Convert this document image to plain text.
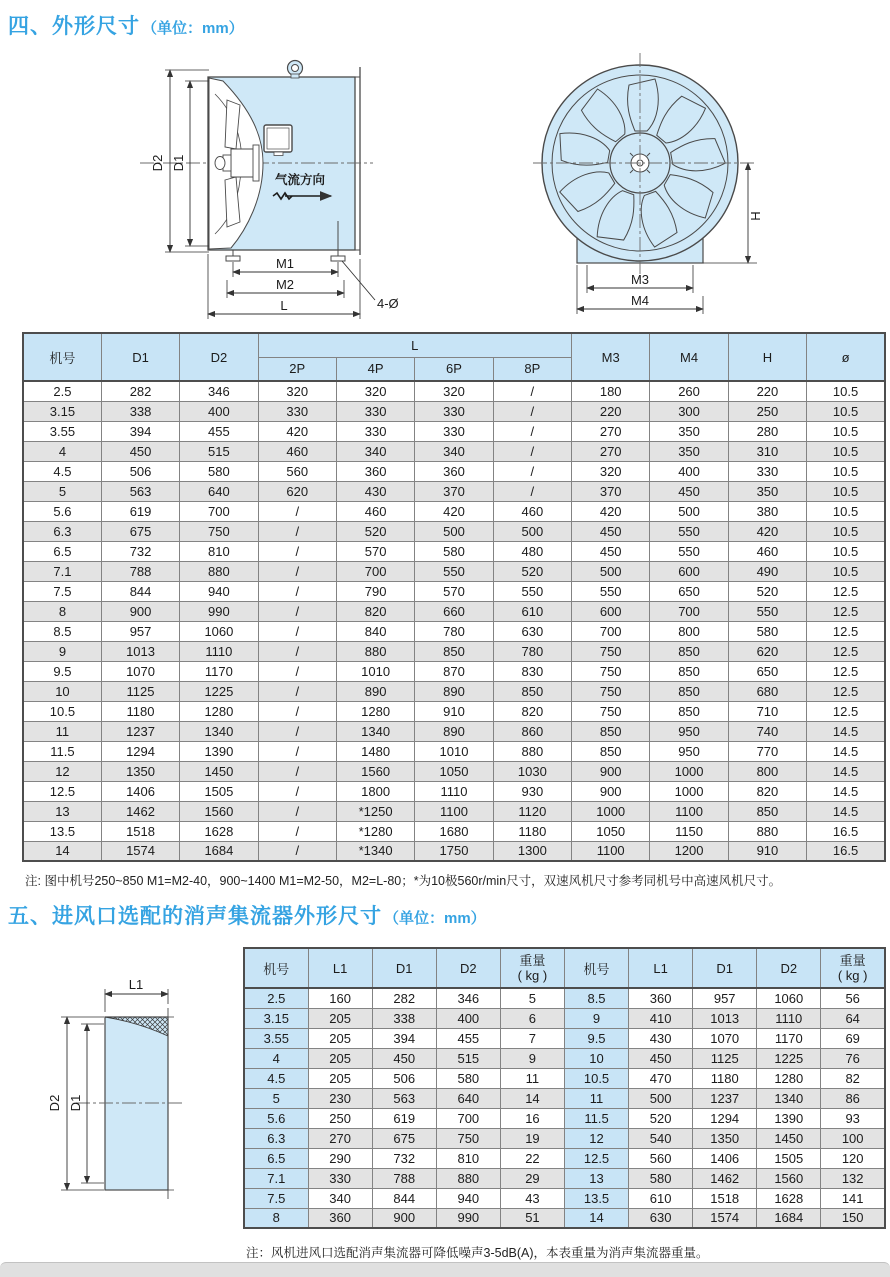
四、外形尺寸 （单位：mm）
气流方向
D2 D1
M1
M2
L	4-Ø
H
M3
M4
机号	D1	D2	L				M3	M4	H	ø
			2P	4P	6P	8P				
2.5	282	346	320	320	320	/	180	260	220	10.5
3.15	338	400	330	330	330	/	220	300	250	10.5
3.55	394	455	420	330	330	/	270	350	280	10.5
4	450	515	460	340	340	/	270	350	310	10.5
4.5	506	580	560	360	360	/	320	400	330	10.5
5	563	640	620	430	370	/	370	450	350	10.5
5.6	619	700	/	460	420	460	420	500	380	10.5
6.3	675	750	/	520	500	500	450	550	420	10.5
6.5	732	810	/	570	580	480	450	550	460	10.5
7.1	788	880	/	700	550	520	500	600	490	10.5
7.5	844	940	/	790	570	550	550	650	520	12.5
8	900	990	/	820	660	610	600	700	550	12.5
8.5	957	1060	/	840	780	630	700	800	580	12.5
9	1013	1110	/	880	850	780	750	850	620	12.5
9.5	1070	1170	/	1010	870	830	750	850	650	12.5
10	1125	1225	/	890	890	850	750	850	680	12.5
10.5	1180	1280	/	1280	910	820	750	850	710	12.5
11	1237	1340	/	1340	890	860	850	950	740	14.5
11.5	1294	1390	/	1480	1010	880	850	950	770	14.5
12	1350	1450	/	1560	1050	1030	900	1000	800	14.5
12.5	1406	1505	/	1800	1110	930	900	1000	820	14.5
13	1462	1560	/	*1250	1100	1120	1000	1100	850	14.5
13.5	1518	1628	/	*1280	1680	1180	1050	1150	880	16.5
14	1574	1684	/	*1340	1750	1300	1100	1200	910	16.5
注: 图中机号250~850 M1=M2-40，900~1400 M1=M2-50，M2=L-80；*为10极560r/min尺寸，双速风机尺寸参考同机号中高速风机尺寸。
五、进风口选配的消声集流器外形尺寸 （单位：mm）
L1
D2 D1
机号	L1	D1	D2	重量
( kg )	机号	L1	D1	D2	重量
( kg )

2.5	160	282	346	5	8.5	360	957	1060	56
3.15	205	338	400	6	9	410	1013	1110	64
3.55	205	394	455	7	9.5	430	1070	1170	69
4	205	450	515	9	10	450	1125	1225	76
4.5	205	506	580	11	10.5	470	1180	1280	82
5	230	563	640	14	11	500	1237	1340	86
5.6	250	619	700	16	11.5	520	1294	1390	93
6.3	270	675	750	19	12	540	1350	1450	100
6.5	290	732	810	22	12.5	560	1406	1505	120
7.1	330	788	880	29	13	580	1462	1560	132
7.5	340	844	940	43	13.5	610	1518	1628	141
8	360	900	990	51	14	630	1574	1684	150
注：风机进风口选配消声集流器可降低噪声3-5dB(A)，本表重量为消声集流器重量。
